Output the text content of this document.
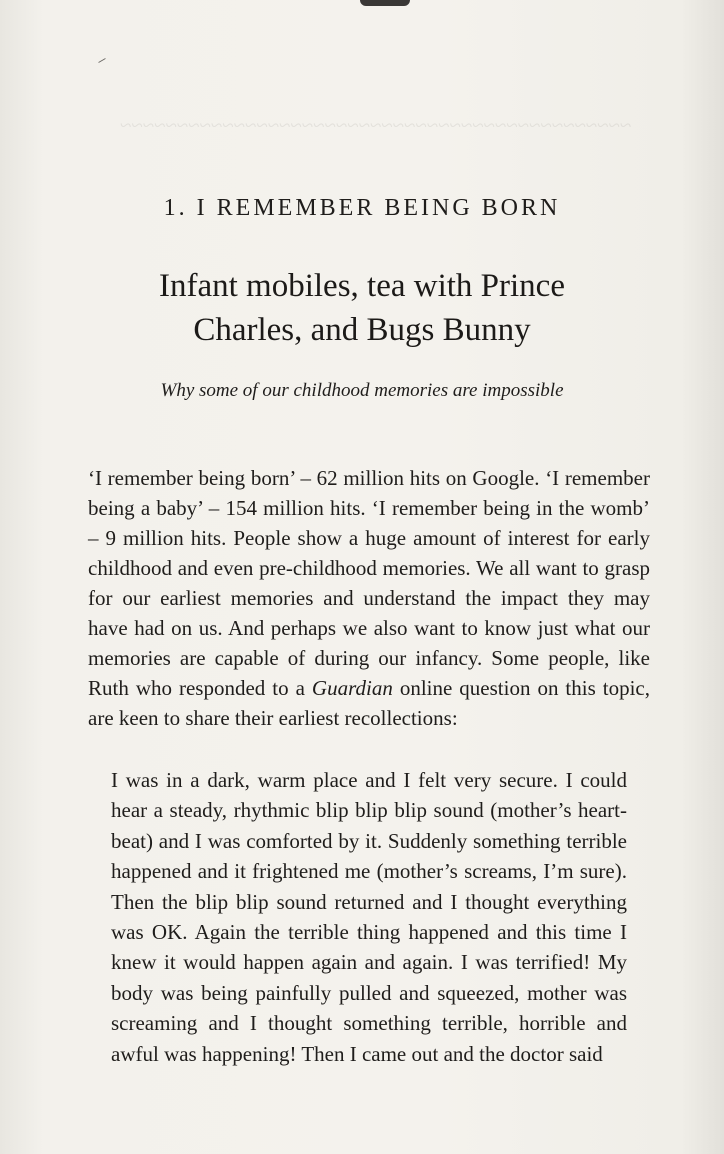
~~~~~~~~~~~~~~~~~~~~~~~~~~~~~~~~~~~~~~~~~~~~~
1. I REMEMBER BEING BORN
Infant mobiles, tea with Prince
Charles, and Bugs Bunny
Why some of our childhood memories are impossible

‘I remember being born’ – 62 million hits on Google. ‘I remember being a baby’ – 154 million hits. ‘I remember being in the womb’ – 9 million hits. People show a huge amount of interest for early childhood and even pre-childhood memories. We all want to grasp for our earliest memories and understand the impact they may have had on us. And perhaps we also want to know just what our memories are capable of during our infancy. Some people, like Ruth who responded to a Guardian online question on this topic, are keen to share their earliest recollections:

I was in a dark, warm place and I felt very secure. I could hear a steady, rhythmic blip blip blip sound (mother’s heart-beat) and I was comforted by it. Suddenly something terrible happened and it frightened me (mother’s screams, I’m sure). Then the blip blip sound returned and I thought everything was OK. Again the terrible thing happened and this time I knew it would happen again and again. I was terrified! My body was being painfully pulled and squeezed, mother was screaming and I thought something terrible, horrible and awful was happening! Then I came out and the doctor said
